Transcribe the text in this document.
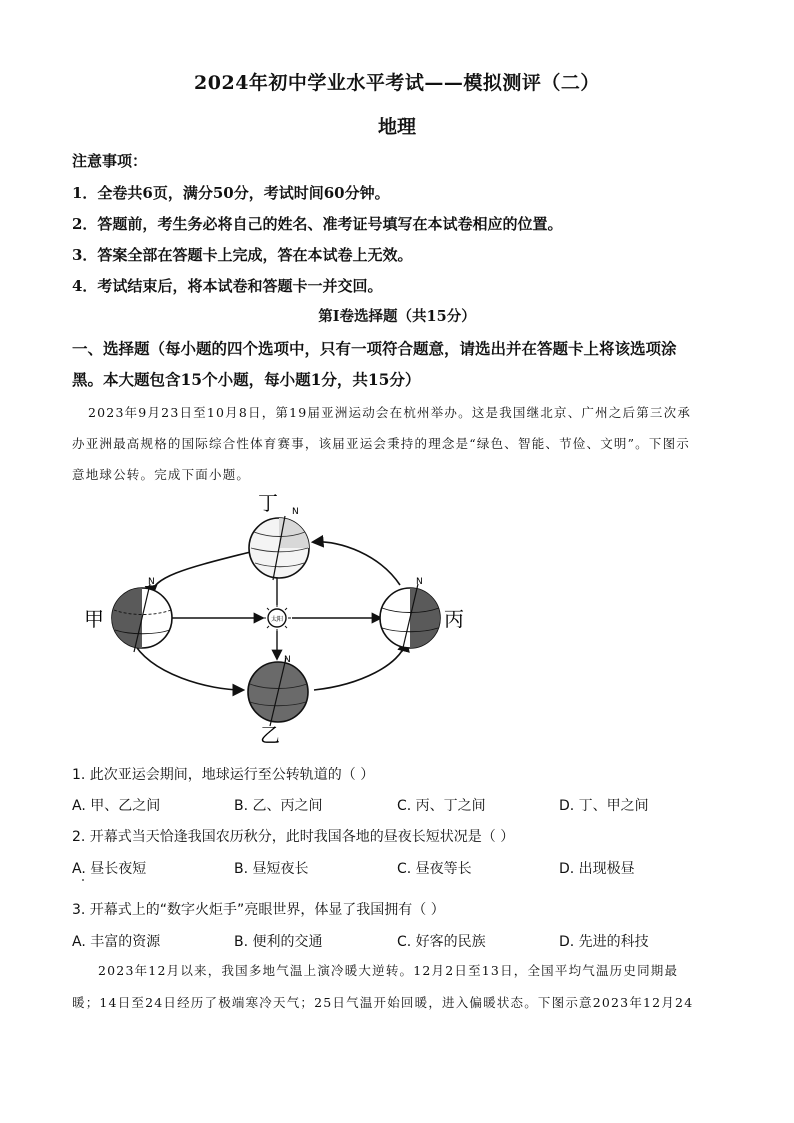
2024年初中学业水平考试——模拟测评（二）
地理
注意事项：
1．全卷共6页，满分50分，考试时间60分钟。
2．答题前，考生务必将自己的姓名、准考证号填写在本试卷相应的位置。
3．答案全部在答题卡上完成，答在本试卷上无效。
4．考试结束后，将本试卷和答题卡一并交回。
第Ⅰ卷选择题（共15分）
一、选择题（每小题的四个选项中，只有一项符合题意，请选出并在答题卡上将该选项涂
黑。本大题包含15个小题，每小题1分，共15分）
2023年9月23日至10月8日，第19届亚洲运动会在杭州举办。这是我国继北京、广州之后第三次承
办亚洲最高规格的国际综合性体育赛事，该届亚运会秉持的理念是“绿色、智能、节俭、文明”。下图示
意地球公转。完成下面小题。
太阳
N
丁
N
甲
N
丙
N
乙
1. 此次亚运会期间，地球运行至公转轨道的（ ）
A. 甲、乙之间	B. 乙、丙之间	C. 丙、丁之间	D. 丁、甲之间
2. 开幕式当天恰逢我国农历秋分，此时我国各地的昼夜长短状况是（ ）
A. 昼长夜短	B. 昼短夜长	C. 昼夜等长	D. 出现极昼
3. 开幕式上的“数字火炬手”亮眼世界，体显了我国拥有（ ）
A. 丰富的资源	B. 便利的交通	C. 好客的民族	D. 先进的科技
2023年12月以来，我国多地气温上演冷暖大逆转。12月2日至13日，全国平均气温历史同期最
暖；14日至24日经历了极端寒冷天气；25日气温开始回暖，进入偏暖状态。下图示意2023年12月24
